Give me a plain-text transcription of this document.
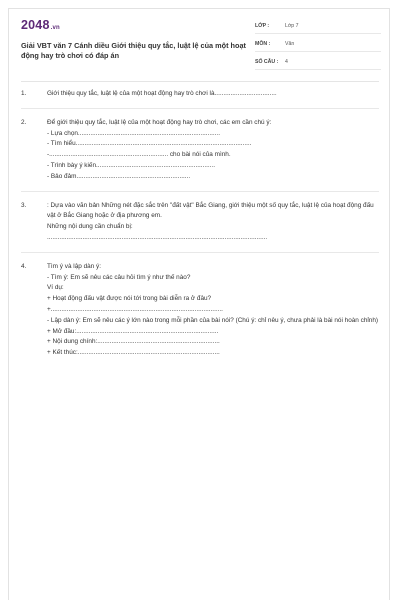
2048.vn
Giải VBT văn 7 Cánh diều Giới thiệu quy tắc, luật lệ của một hoạt động hay trò chơi có đáp án
LỚP :	Lớp 7
MÔN :	Văn
SỐ CÂU :	4
1.	Giới thiệu quy tắc, luật lệ của một hoạt động hay trò chơi là...................................
2.	Để giới thiệu quy tắc, luật lệ của một hoạt động hay trò chơi, các em cần chú ý:
- Lựa chọn................................................................................
- Tìm hiểu...................................................................................................
-................................................................... cho bài nói của mình.
- Trình bày ý kiến...................................................................
- Bảo đảm................................................................
3.	: Dựa vào văn bản Những nét đặc sắc trên "đất vật" Bắc Giang, giới thiệu một số quy tắc, luật lệ của hoạt động đấu vật ở Bắc Giang hoặc ở địa phương em.
Những nội dung cần chuẩn bị:
............................................................................................................................
4.	Tìm ý và lập dàn ý:
- Tìm ý: Em sẽ nêu các câu hỏi tìm ý như thế nào?
Ví dụ:
+ Hoạt động đấu vật được nói tới trong bài diễn ra ở đâu?
+.................................................................................................
- Lập dàn ý: Em sẽ nêu các ý lớn nào trong mỗi phần của bài nói? (Chú ý: chỉ nêu ý, chưa phải là bài nói hoàn chỉnh)
+ Mở đầu:................................................................................
+ Nội dung chính:.....................................................................
+ Kết thúc:................................................................................
